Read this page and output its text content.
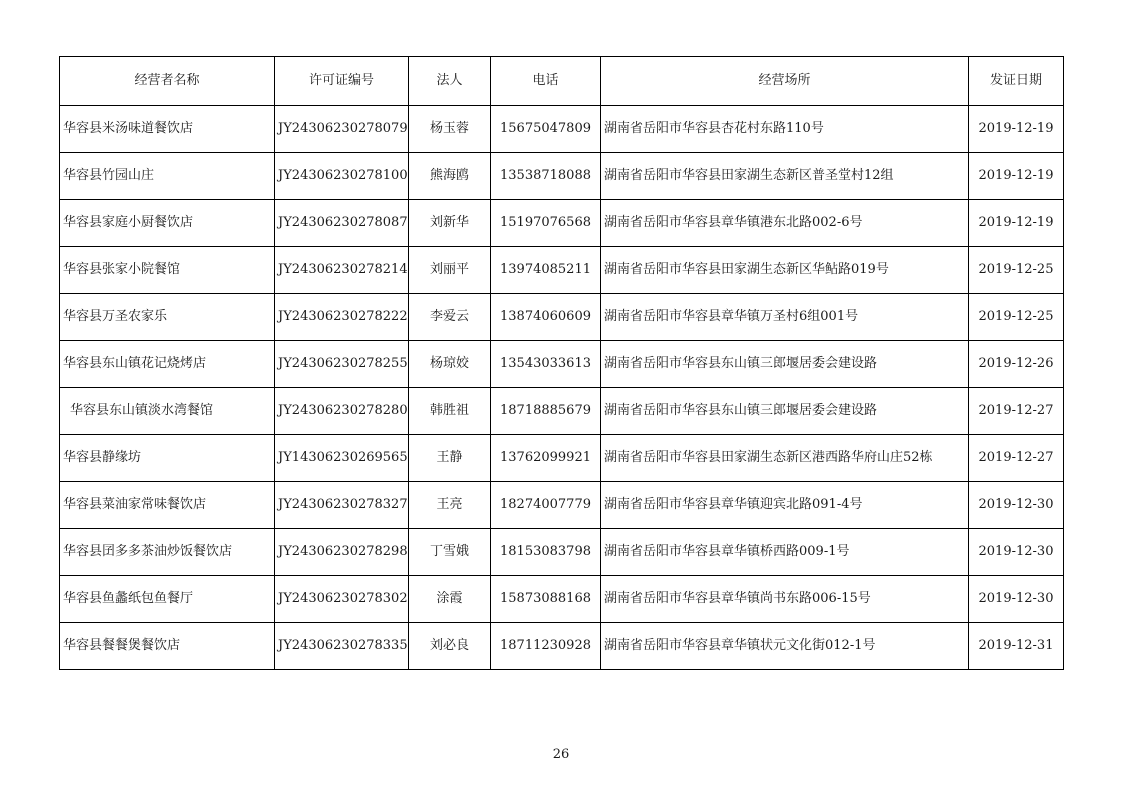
经营者名称	许可证编号	法人	电话	经营场所	发证日期
华容县米汤味道餐饮店	JY24306230278079	杨玉蓉	15675047809	湖南省岳阳市华容县杏花村东路110号	2019-12-19
华容县竹园山庄	JY24306230278100	熊海鸥	13538718088	湖南省岳阳市华容县田家湖生态新区普圣堂村12组	2019-12-19
华容县家庭小厨餐饮店	JY24306230278087	刘新华	15197076568	湖南省岳阳市华容县章华镇港东北路002-6号	2019-12-19
华容县张家小院餐馆	JY24306230278214	刘丽平	13974085211	湖南省岳阳市华容县田家湖生态新区华鲇路019号	2019-12-25
华容县万圣农家乐	JY24306230278222	李爱云	13874060609	湖南省岳阳市华容县章华镇万圣村6组001号	2019-12-25
华容县东山镇花记烧烤店	JY24306230278255	杨琼姣	13543033613	湖南省岳阳市华容县东山镇三郎堰居委会建设路	2019-12-26
华容县东山镇淡水湾餐馆	JY24306230278280	韩胜祖	18718885679	湖南省岳阳市华容县东山镇三郎堰居委会建设路	2019-12-27
华容县静缘坊	JY14306230269565	王静	13762099921	湖南省岳阳市华容县田家湖生态新区港西路华府山庄52栋	2019-12-27
华容县菜油家常味餐饮店	JY24306230278327	王亮	18274007779	湖南省岳阳市华容县章华镇迎宾北路091-4号	2019-12-30
华容县囝多多茶油炒饭餐饮店	JY24306230278298	丁雪娥	18153083798	湖南省岳阳市华容县章华镇桥西路009-1号	2019-12-30
华容县鱼蠡纸包鱼餐厅	JY24306230278302	涂霞	15873088168	湖南省岳阳市华容县章华镇尚书东路006-15号	2019-12-30
华容县餐餐煲餐饮店	JY24306230278335	刘必良	18711230928	湖南省岳阳市华容县章华镇状元文化街012-1号	2019-12-31
26
